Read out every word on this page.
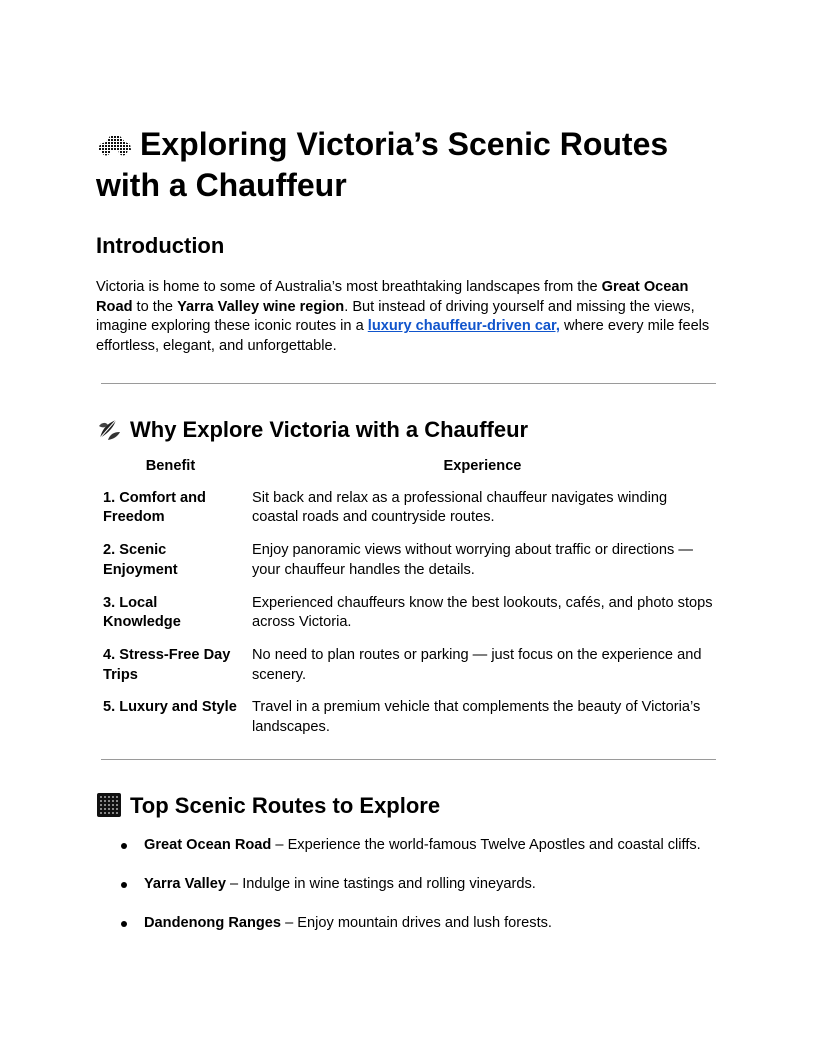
Exploring Victoria’s Scenic Routes with a Chauffeur
Introduction

Victoria is home to some of Australia’s most breathtaking landscapes from the Great Ocean Road to the Yarra Valley wine region. But instead of driving yourself and missing the views, imagine exploring these iconic routes in a luxury chauffeur-driven car, where every mile feels effortless, elegant, and unforgettable.

Why Explore Victoria with a Chauffeur
Benefit	Experience
1. Comfort and Freedom	Sit back and relax as a professional chauffeur navigates winding coastal roads and countryside routes.
2. Scenic Enjoyment	Enjoy panoramic views without worrying about traffic or directions — your chauffeur handles the details.
3. Local Knowledge	Experienced chauffeurs know the best lookouts, cafés, and photo stops across Victoria.
4. Stress-Free Day Trips	No need to plan routes or parking — just focus on the experience and scenery.
5. Luxury and Style	Travel in a premium vehicle that complements the beauty of Victoria’s landscapes.
Top Scenic Routes to Explore
Great Ocean Road – Experience the world-famous Twelve Apostles and coastal cliffs.
Yarra Valley – Indulge in wine tastings and rolling vineyards.
Dandenong Ranges – Enjoy mountain drives and lush forests.
